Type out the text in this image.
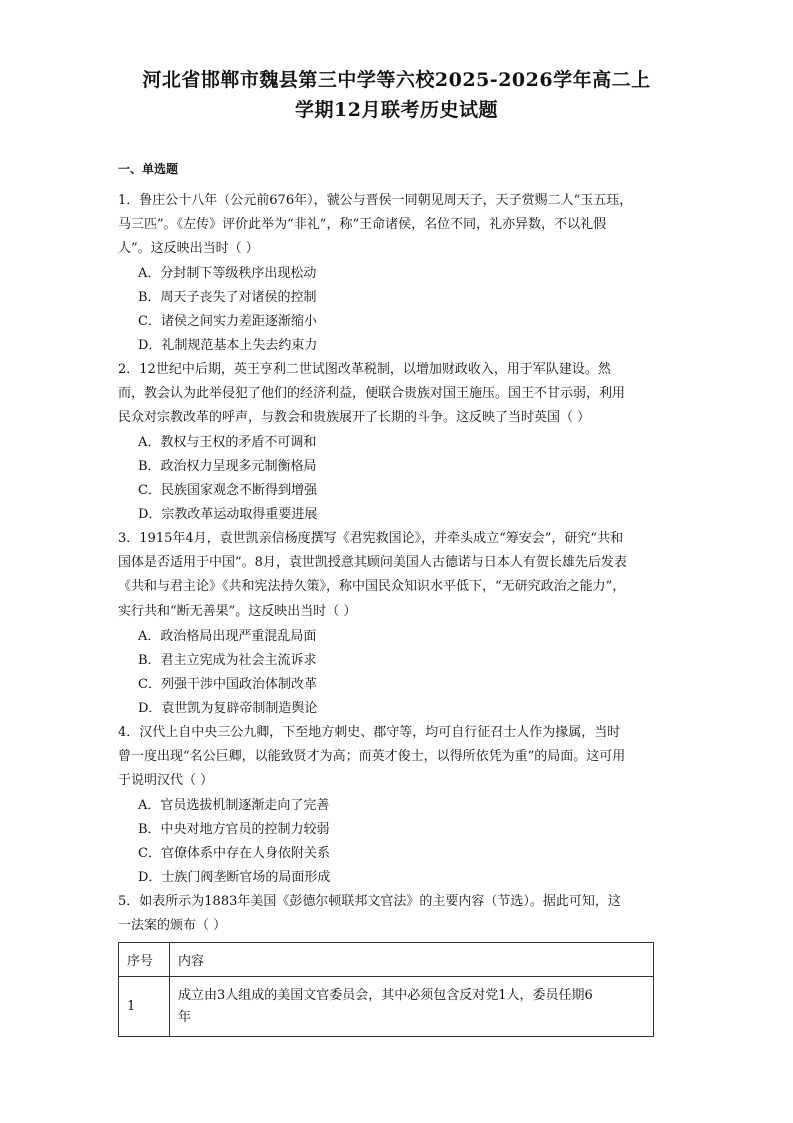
河北省邯郸市魏县第三中学等六校2025-2026学年高二上
学期12月联考历史试题
一、单选题
1．鲁庄公十八年（公元前676年），虢公与晋侯一同朝见周天子，天子赏赐二人“玉五珏，
马三匹”。《左传》评价此举为“非礼”，称“王命诸侯，名位不同，礼亦异数，不以礼假
人”。这反映出当时（ ）
A．分封制下等级秩序出现松动
B．周天子丧失了对诸侯的控制
C．诸侯之间实力差距逐渐缩小
D．礼制规范基本上失去约束力
2．12世纪中后期，英王亨利二世试图改革税制，以增加财政收入，用于军队建设。然
而，教会认为此举侵犯了他们的经济利益，便联合贵族对国王施压。国王不甘示弱，利用
民众对宗教改革的呼声，与教会和贵族展开了长期的斗争。这反映了当时英国（ ）
A．教权与王权的矛盾不可调和
B．政治权力呈现多元制衡格局
C．民族国家观念不断得到增强
D．宗教改革运动取得重要进展
3．1915年4月，袁世凯亲信杨度撰写《君宪救国论》，并牵头成立“筹安会”，研究“共和
国体是否适用于中国”。8月，袁世凯授意其顾问美国人古德诺与日本人有贺长雄先后发表
《共和与君主论》《共和宪法持久策》，称中国民众知识水平低下，“无研究政治之能力”，
实行共和“断无善果”。这反映出当时（ ）
A．政治格局出现严重混乱局面
B．君主立宪成为社会主流诉求
C．列强干涉中国政治体制改革
D．袁世凯为复辟帝制制造舆论
4．汉代上自中央三公九卿，下至地方刺史、郡守等，均可自行征召士人作为掾属，当时
曾一度出现“名公巨卿，以能致贤才为高；而英才俊士，以得所依凭为重”的局面。这可用
于说明汉代（ ）
A．官员选拔机制逐渐走向了完善
B．中央对地方官员的控制力较弱
C．官僚体系中存在人身依附关系
D．士族门阀垄断官场的局面形成
5．如表所示为1883年美国《彭德尔顿联邦文官法》的主要内容（节选）。据此可知，这
一法案的颁布（ ）
序号	内容
1	成立由3人组成的美国文官委员会，其中必须包含反对党1人，委员任期6
年
